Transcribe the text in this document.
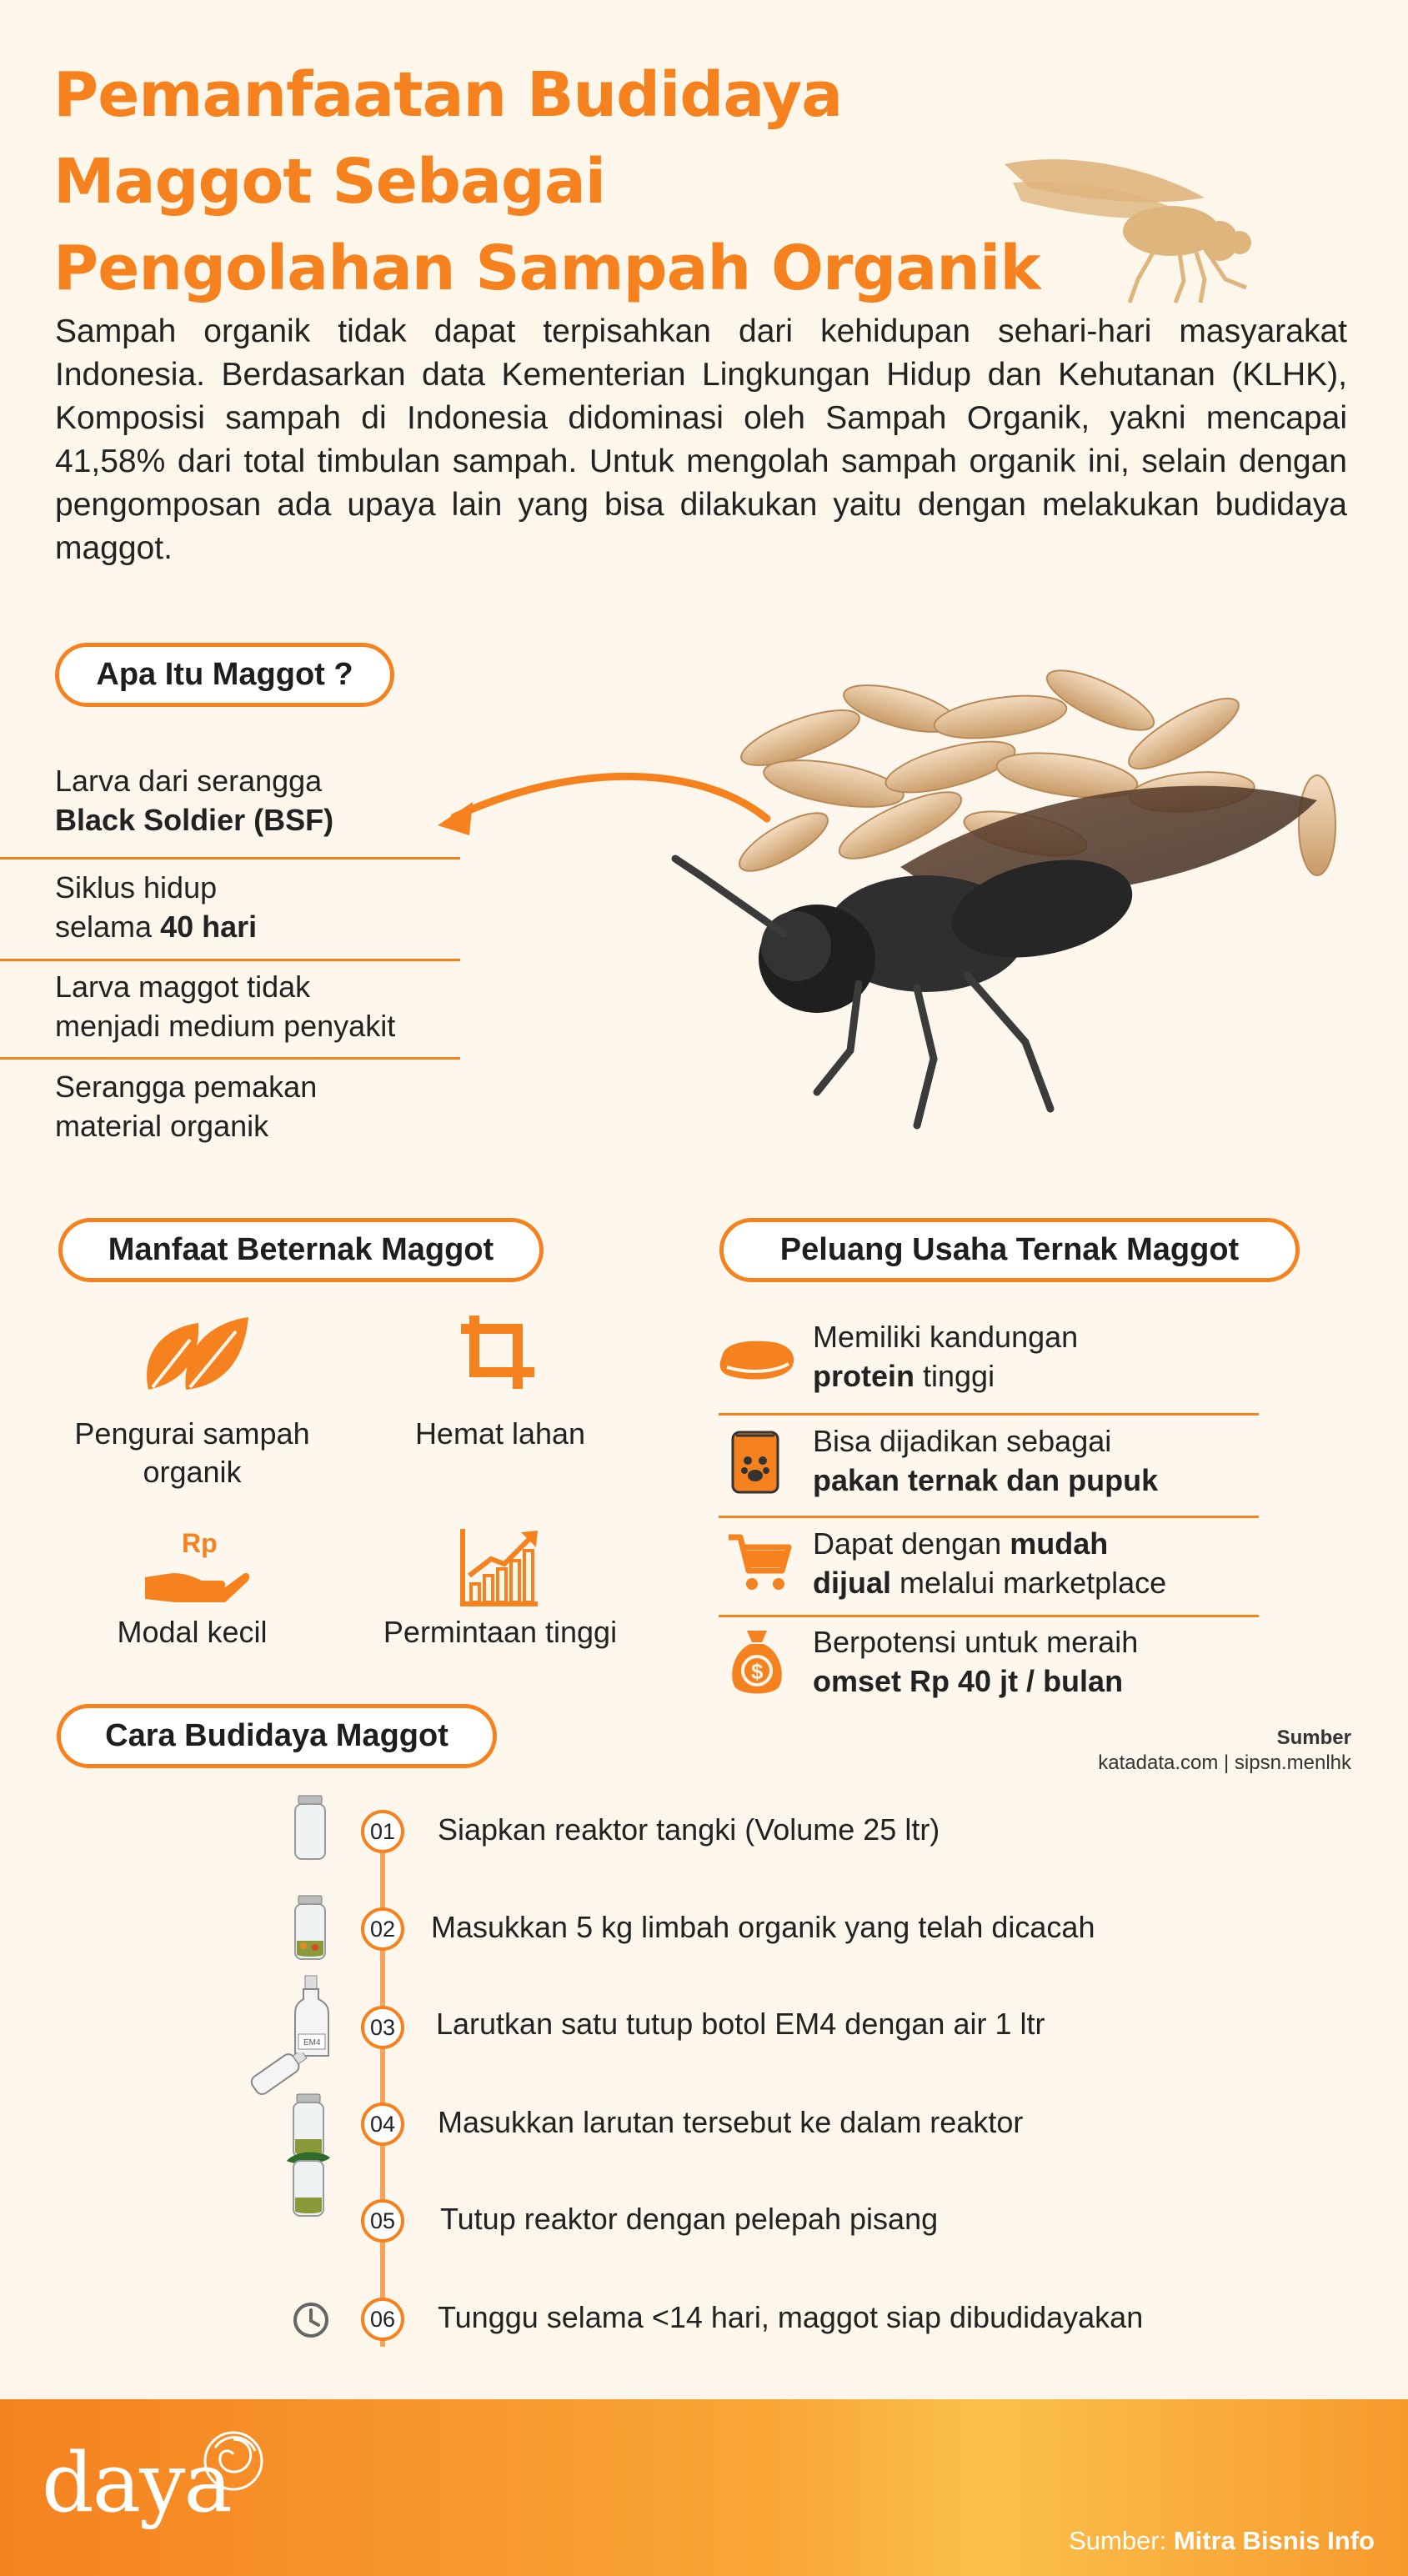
Pemanfaatan Budidaya
Maggot Sebagai
Pengolahan Sampah Organik
Sampah organik tidak dapat terpisahkan dari kehidupan sehari-hari masyarakat Indonesia. Berdasarkan data Kementerian Lingkungan Hidup dan Kehutanan (KLHK), Komposisi sampah di Indonesia didominasi oleh Sampah Organik, yakni mencapai 41,58% dari total timbulan sampah. Untuk mengolah sampah organik ini, selain dengan pengomposan ada upaya lain yang bisa dilakukan yaitu dengan melakukan budidaya maggot.
Apa Itu Maggot ?
Larva dari serangga
Black Soldier (BSF)
Siklus hidup
selama 40 hari
Larva maggot tidak
menjadi medium penyakit
Serangga pemakan
material organik
Manfaat Beternak Maggot
Pengurai sampah
organik
Hemat lahan
Rp
Modal kecil	Permintaan tinggi
Peluang Usaha Ternak Maggot
Memiliki kandungan
protein tinggi
Bisa dijadikan sebagai
pakan ternak dan pupuk
Dapat dengan mudah
dijual melalui marketplace
$
Berpotensi untuk meraih
omset Rp 40 jt / bulan
Cara Budidaya Maggot	Sumber
katadata.com | sipsn.menlhk
EM4
01	Siapkan reaktor tangki (Volume 25 ltr)
02	Masukkan 5 kg limbah organik yang telah dicacah
03	Larutkan satu tutup botol EM4 dengan air 1 ltr
04	Masukkan larutan tersebut ke dalam reaktor
05	Tutup reaktor dengan pelepah pisang
06	Tunggu selama <14 hari, maggot siap dibudidayakan
daya
Sumber: Mitra Bisnis Info
